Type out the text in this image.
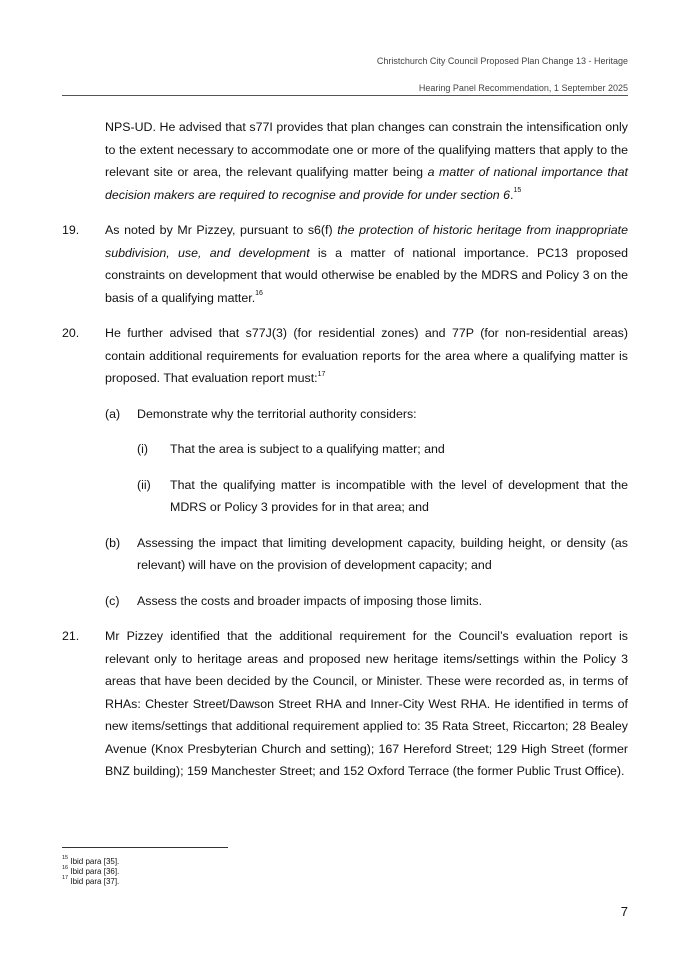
Christchurch City Council Proposed Plan Change 13 - Heritage
Hearing Panel Recommendation, 1 September 2025
NPS-UD. He advised that s77I provides that plan changes can constrain the intensification only to the extent necessary to accommodate one or more of the qualifying matters that apply to the relevant site or area, the relevant qualifying matter being a matter of national importance that decision makers are required to recognise and provide for under section 6.15
19.	As noted by Mr Pizzey, pursuant to s6(f) the protection of historic heritage from inappropriate subdivision, use, and development is a matter of national importance. PC13 proposed constraints on development that would otherwise be enabled by the MDRS and Policy 3 on the basis of a qualifying matter.$^{16}$
20.	He further advised that s77J(3) (for residential zones) and 77P (for non-residential areas) contain additional requirements for evaluation reports for the area where a qualifying matter is proposed. That evaluation report must:$^{17}$
(a) Demonstrate why the territorial authority considers:
(i) That the area is subject to a qualifying matter; and
(ii) That the qualifying matter is incompatible with the level of development that the MDRS or Policy 3 provides for in that area; and
(b) Assessing the impact that limiting development capacity, building height, or density (as relevant) will have on the provision of development capacity; and
(c) Assess the costs and broader impacts of imposing those limits.
21.	Mr Pizzey identified that the additional requirement for the Council’s evaluation report is relevant only to heritage areas and proposed new heritage items/settings within the Policy 3 areas that have been decided by the Council, or Minister. These were recorded as, in terms of RHAs: Chester Street/Dawson Street RHA and Inner-City West RHA. He identified in terms of new items/settings that additional requirement applied to: 35 Rata Street, Riccarton; 28 Bealey Avenue (Knox Presbyterian Church and setting); 167 Hereford Street; 129 High Street (former BNZ building); 159 Manchester Street; and 152 Oxford Terrace (the former Public Trust Office).
$^{15}$ Ibid para [35].
$^{16}$ Ibid para [36].
$^{17}$ Ibid para [37].
7
